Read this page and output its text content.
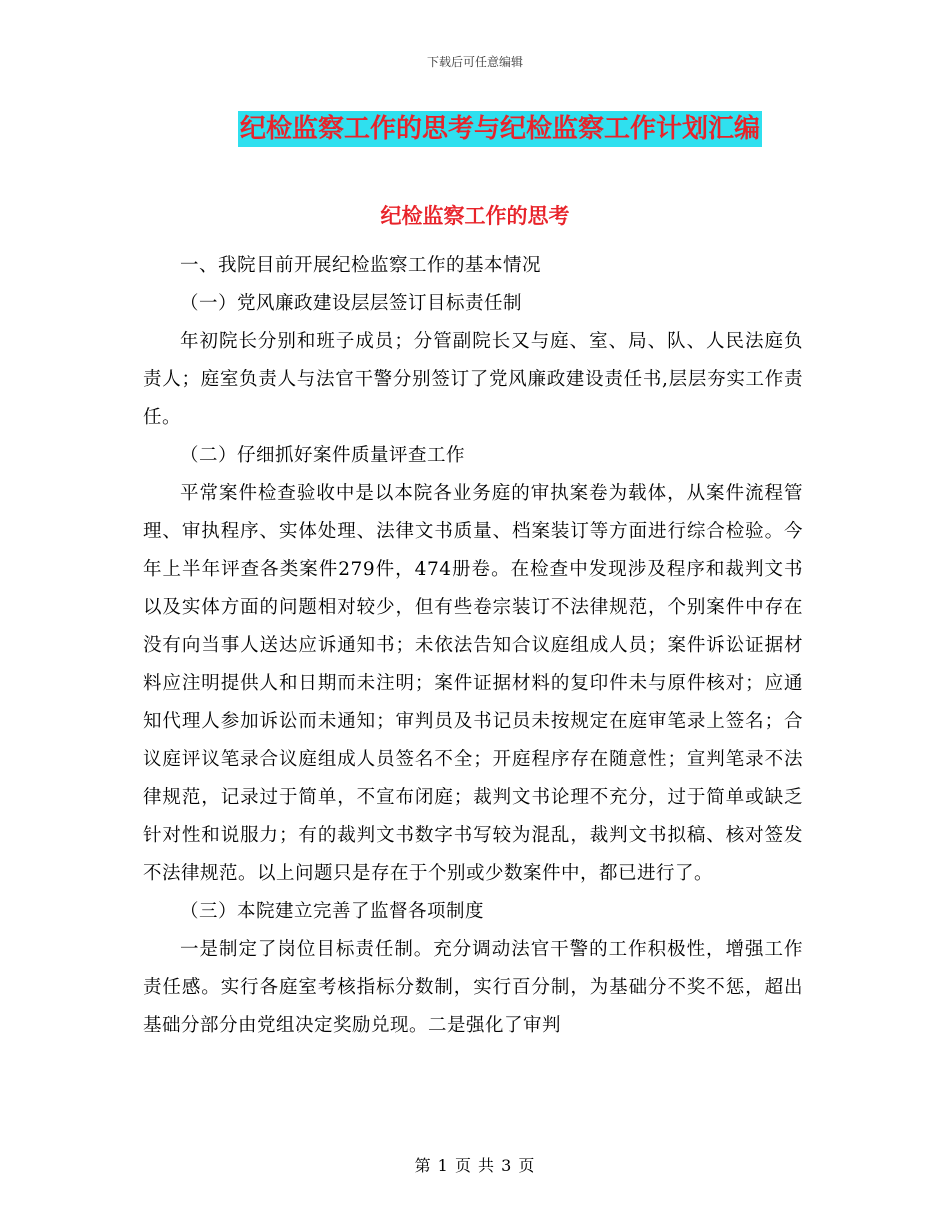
下载后可任意编辑
纪检监察工作的思考与纪检监察工作计划汇编
纪检监察工作的思考

一、我院目前开展纪检监察工作的基本情况

（一）党风廉政建设层层签订目标责任制

年初院长分别和班子成员；分管副院长又与庭、室、局、队、人民法庭负责人；庭室负责人与法官干警分别签订了党风廉政建设责任书,层层夯实工作责任。

（二）仔细抓好案件质量评查工作

平常案件检查验收中是以本院各业务庭的审执案卷为载体，从案件流程管理、审执程序、实体处理、法律文书质量、档案装订等方面进行综合检验。今年上半年评查各类案件279件，474册卷。在检查中发现涉及程序和裁判文书以及实体方面的问题相对较少，但有些卷宗装订不法律规范，个别案件中存在没有向当事人送达应诉通知书；未依法告知合议庭组成人员；案件诉讼证据材料应注明提供人和日期而未注明；案件证据材料的复印件未与原件核对；应通知代理人参加诉讼而未通知；审判员及书记员未按规定在庭审笔录上签名；合议庭评议笔录合议庭组成人员签名不全；开庭程序存在随意性；宣判笔录不法律规范，记录过于简单，不宣布闭庭；裁判文书论理不充分，过于简单或缺乏针对性和说服力；有的裁判文书数字书写较为混乱，裁判文书拟稿、核对签发不法律规范。以上问题只是存在于个别或少数案件中，都已进行了。

（三）本院建立完善了监督各项制度

一是制定了岗位目标责任制。充分调动法官干警的工作积极性，增强工作责任感。实行各庭室考核指标分数制，实行百分制，为基础分不奖不惩，超出基础分部分由党组决定奖励兑现。二是强化了审判

第 1 页 共 3 页
